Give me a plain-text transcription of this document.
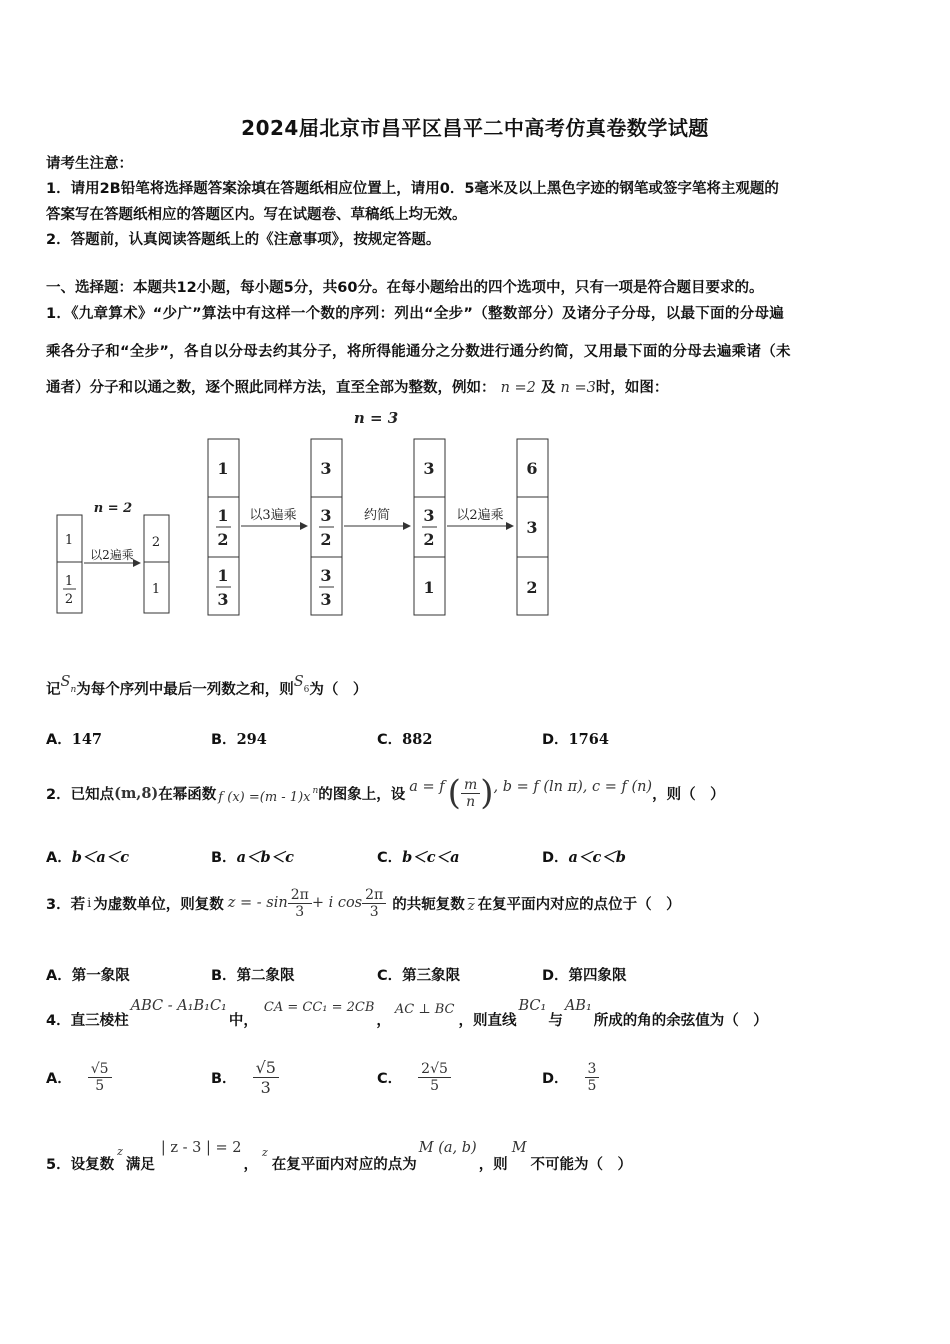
2024届北京市昌平区昌平二中高考仿真卷数学试题
请考生注意：
1．请用2B铅笔将选择题答案涂填在答题纸相应位置上，请用0．5毫米及以上黑色字迹的钢笔或签字笔将主观题的
答案写在答题纸相应的答题区内。写在试题卷、草稿纸上均无效。
2．答题前，认真阅读答题纸上的《注意事项》，按规定答题。
一、选择题：本题共12小题，每小题5分，共60分。在每小题给出的四个选项中，只有一项是符合题目要求的。
1．《九章算术》“少广”算法中有这样一个数的序列：列出“全步”（整数部分）及诸分子分母，以最下面的分母遍
乘各分子和“全步”，各自以分母去约其分子，将所得能通分之分数进行通分约简，又用最下面的分母去遍乘诸（未
通者）分子和以通之数，逐个照此同样方法，直至全部为整数，例如： n =2 及 n =3时，如图：
n = 2
n = 3
以2遍乘
以3遍乘	约简	以2遍乘
1
1
2
2
1
1
1
2
1
3
3
3
2
3
3
3
3
2
1
6
3
2
记$S_n$为每个序列中最后一列数之和，则$S_6$为（　）
A．147	B．294	C．882	D．1764
2．已知点 (m,8) 在幂函数 f $(x) =(m - 1)x^n$ 的图象上，设 a = f ( $\frac{m}{n}$ ) , b = f (ln π), c = f (n) ，则（　）
A．b＜a＜c	B．a＜b＜c	C．b＜c＜a	D．a＜c＜b
3．若 i 为虚数单位，则复数 z = - $\sin \frac{2\pi}{3} + i$ $\cos \frac{2\pi}{3}$ 的共轭复数 $\overline{z}$ 在复平面内对应的点位于（　）
A．第一象限	B．第二象限	C．第三象限	D．第四象限
4．直三棱柱
ABC - A₁B₁C₁
中，
CA = CC₁ = 2CB
，
AC ⊥ BC
，则直线
BC₁
与
AB₁
所成的角的余弦值为（　）
A． $\frac{√5}{5}$	B． $\frac{√5}{3}$	C． $\frac{2√5}{5}$	D． $\frac{3}{5}$
5．设复数
z
满足
| z - 3 | = 2
，
z
在复平面内对应的点为
M (a, b)
，则
M
不可能为（　）
